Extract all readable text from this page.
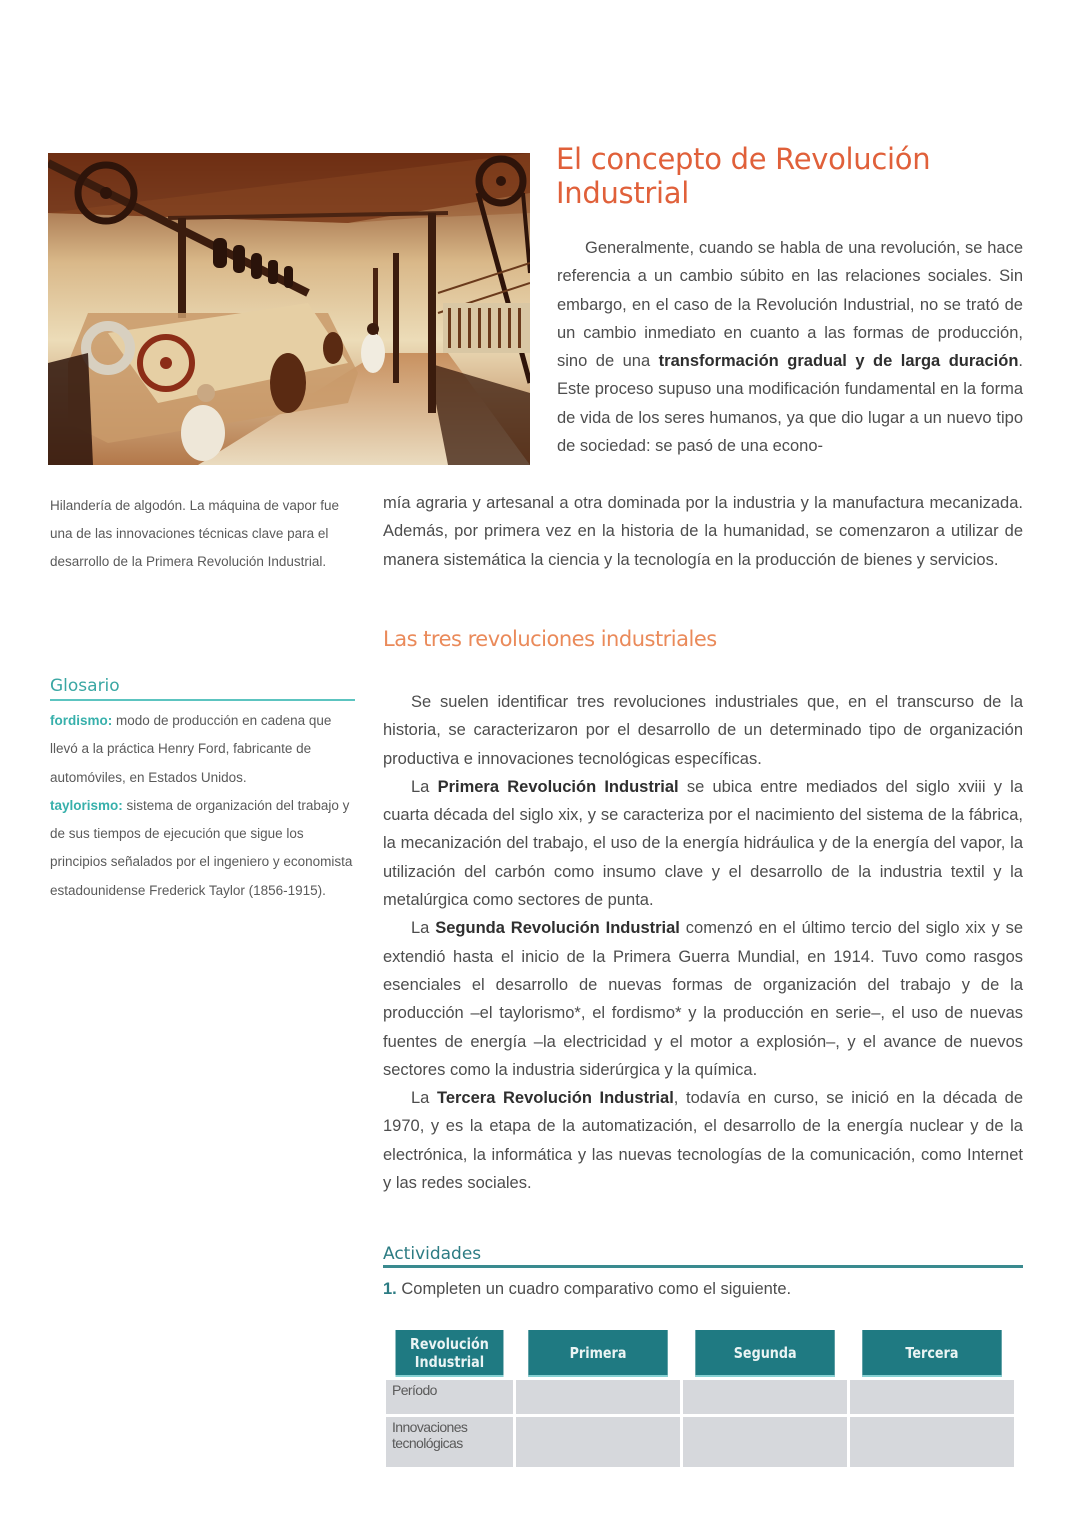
Hilandería de algodón. La máquina de vapor fue una de las innovaciones técnicas clave para el desarrollo de la Primera Revolución Industrial.
El concepto de Revolución Industrial

Generalmente, cuando se habla de una revolución, se hace referencia a un cambio súbito en las relaciones sociales. Sin embargo, en el caso de la Revolución Industrial, no se trató de un cambio inmediato en cuanto a las formas de producción, sino de una transformación gradual y de larga duración. Este proceso supuso una modificación fundamental en la forma de vida de los seres humanos, ya que dio lugar a un nuevo tipo de sociedad: se pasó de una econo-

mía agraria y artesanal a otra dominada por la industria y la manufactura mecanizada. Además, por primera vez en la historia de la humanidad, se comenzaron a utilizar de manera sistemática la ciencia y la tecnología en la producción de bienes y servicios.

Las tres revoluciones industriales

Se suelen identificar tres revoluciones industriales que, en el transcurso de la historia, se caracterizaron por el desarrollo de un determinado tipo de organización productiva e innovaciones tecnológicas específicas.

La Primera Revolución Industrial se ubica entre mediados del siglo xviii y la cuarta década del siglo xix, y se caracteriza por el nacimiento del sistema de la fábrica, la mecanización del trabajo, el uso de la energía hidráulica y de la energía del vapor, la utilización del carbón como insumo clave y el desarrollo de la industria textil y la metalúrgica como sectores de punta.

La Segunda Revolución Industrial comenzó en el último tercio del siglo xix y se extendió hasta el inicio de la Primera Guerra Mundial, en 1914. Tuvo como rasgos esenciales el desarrollo de nuevas formas de organización del trabajo y de la producción –el taylorismo*, el fordismo* y la producción en serie–, el uso de nuevas fuentes de energía –la electricidad y el motor a explosión–, y el avance de nuevos sectores como la industria siderúrgica y la química.

La Tercera Revolución Industrial, todavía en curso, se inició en la década de 1970, y es la etapa de la automatización, el desarrollo de la energía nuclear y de la electrónica, la informática y las nuevas tecnologías de la comunicación, como Internet y las redes sociales.

Glosario

fordismo: modo de producción en cadena que llevó a la práctica Henry Ford, fabricante de automóviles, en Estados Unidos.

taylorismo: sistema de organización del trabajo y de sus tiempos de ejecución que sigue los principios señalados por el ingeniero y economista estadounidense Frederick Taylor (1856-1915).

Actividades

1. Completen un cuadro comparativo como el siguiente.

Revolución Industrial	Primera	Segunda	Tercera
Período			
Innovaciones tecnológicas			
